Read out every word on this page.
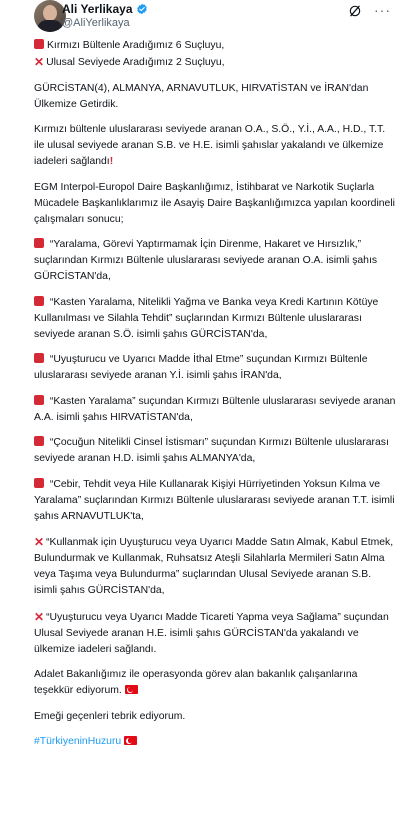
Ali Yerlikaya
@AliYerlikaya
···

Kırmızı Bültenle Aradığımız 6 Suçluyu,
✕ Ulusal Seviyede Aradığımız 2 Suçluyu,

GÜRCİSTAN(4), ALMANYA, ARNAVUTLUK, HIRVATİSTAN ve İRAN'dan Ülkemize Getirdik.

Kırmızı bültenle uluslararası seviyede aranan O.A., S.Ö., Y.İ., A.A., H.D., T.T. ile ulusal seviyede aranan S.B. ve H.E. isimli şahıslar yakalandı ve ülkemize iadeleri sağlandı!

EGM Interpol-Europol Daire Başkanlığımız, İstihbarat ve Narkotik Suçlarla Mücadele Başkanlıklarımız ile Asayiş Daire Başkanlığımızca yapılan koordineli çalışmaları sonucu;

“Yaralama, Görevi Yaptırmamak İçin Direnme, Hakaret ve Hırsızlık,” suçlarından Kırmızı Bültenle uluslararası seviyede aranan O.A. isimli şahıs GÜRCİSTAN'da,

“Kasten Yaralama, Nitelikli Yağma ve Banka veya Kredi Kartının Kötüye Kullanılması ve Silahla Tehdit” suçlarından Kırmızı Bültenle uluslararası seviyede aranan S.Ö. isimli şahıs GÜRCİSTAN'da,

“Uyuşturucu ve Uyarıcı Madde İthal Etme” suçundan Kırmızı Bültenle uluslararası seviyede aranan Y.İ. isimli şahıs İRAN'da,

“Kasten Yaralama” suçundan Kırmızı Bültenle uluslararası seviyede aranan A.A. isimli şahıs HIRVATİSTAN'da,

“Çocuğun Nitelikli Cinsel İstismarı” suçundan Kırmızı Bültenle uluslararası seviyede aranan H.D. isimli şahıs ALMANYA'da,

“Cebir, Tehdit veya Hile Kullanarak Kişiyi Hürriyetinden Yoksun Kılma ve Yaralama” suçlarından Kırmızı Bültenle uluslararası seviyede aranan T.T. isimli şahıs ARNAVUTLUK'ta,

✕ “Kullanmak için Uyuşturucu veya Uyarıcı Madde Satın Almak, Kabul Etmek, Bulundurmak ve Kullanmak, Ruhsatsız Ateşli Silahlarla Mermileri Satın Alma veya Taşıma veya Bulundurma” suçlarından Ulusal Seviyede aranan S.B. isimli şahıs GÜRCİSTAN'da,

✕ “Uyuşturucu veya Uyarıcı Madde Ticareti Yapma veya Sağlama” suçundan Ulusal Seviyede aranan H.E. isimli şahıs GÜRCİSTAN'da yakalandı ve ülkemize iadeleri sağlandı.

Adalet Bakanlığımız ile operasyonda görev alan bakanlık çalışanlarına teşekkür ediyorum.

Emeği geçenleri tebrik ediyorum.

#TürkiyeninHuzuru
